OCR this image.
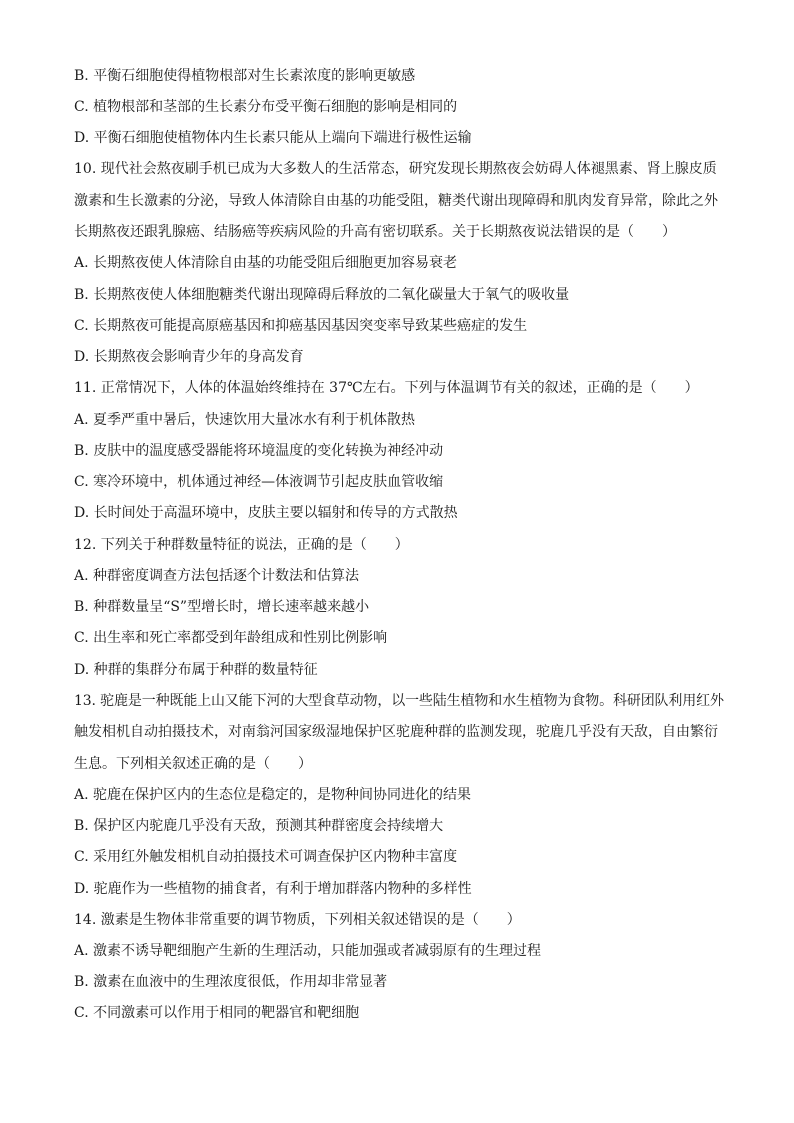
B. 平衡石细胞使得植物根部对生长素浓度的影响更敏感
C. 植物根部和茎部的生长素分布受平衡石细胞的影响是相同的
D. 平衡石细胞使植物体内生长素只能从上端向下端进行极性运输
10. 现代社会熬夜刷手机已成为大多数人的生活常态，研究发现长期熬夜会妨碍人体褪黑素、肾上腺皮质
激素和生长激素的分泌，导致人体清除自由基的功能受阻，糖类代谢出现障碍和肌肉发育异常，除此之外
长期熬夜还跟乳腺癌、结肠癌等疾病风险的升高有密切联系。关于长期熬夜说法错误的是（　　）
A. 长期熬夜使人体清除自由基的功能受阻后细胞更加容易衰老
B. 长期熬夜使人体细胞糖类代谢出现障碍后释放的二氧化碳量大于氧气的吸收量
C. 长期熬夜可能提高原癌基因和抑癌基因基因突变率导致某些癌症的发生
D. 长期熬夜会影响青少年的身高发育
11. 正常情况下，人体的体温始终维持在 37℃左右。下列与体温调节有关的叙述，正确的是（　　）
A. 夏季严重中暑后，快速饮用大量冰水有利于机体散热
B. 皮肤中的温度感受器能将环境温度的变化转换为神经冲动
C. 寒冷环境中，机体通过神经—体液调节引起皮肤血管收缩
D. 长时间处于高温环境中，皮肤主要以辐射和传导的方式散热
12. 下列关于种群数量特征的说法，正确的是（　　）
A. 种群密度调查方法包括逐个计数法和估算法
B. 种群数量呈“S”型增长时，增长速率越来越小
C. 出生率和死亡率都受到年龄组成和性别比例影响
D. 种群的集群分布属于种群的数量特征
13. 驼鹿是一种既能上山又能下河的大型食草动物，以一些陆生植物和水生植物为食物。科研团队利用红外
触发相机自动拍摄技术，对南翁河国家级湿地保护区驼鹿种群的监测发现，驼鹿几乎没有天敌，自由繁衍
生息。下列相关叙述正确的是（　　）
A. 驼鹿在保护区内的生态位是稳定的，是物种间协同进化的结果
B. 保护区内驼鹿几乎没有天敌，预测其种群密度会持续增大
C. 采用红外触发相机自动拍摄技术可调查保护区内物种丰富度
D. 驼鹿作为一些植物的捕食者，有利于增加群落内物种的多样性
14. 激素是生物体非常重要的调节物质，下列相关叙述错误的是（　　）
A. 激素不诱导靶细胞产生新的生理活动，只能加强或者减弱原有的生理过程
B. 激素在血液中的生理浓度很低，作用却非常显著
C. 不同激素可以作用于相同的靶器官和靶细胞
